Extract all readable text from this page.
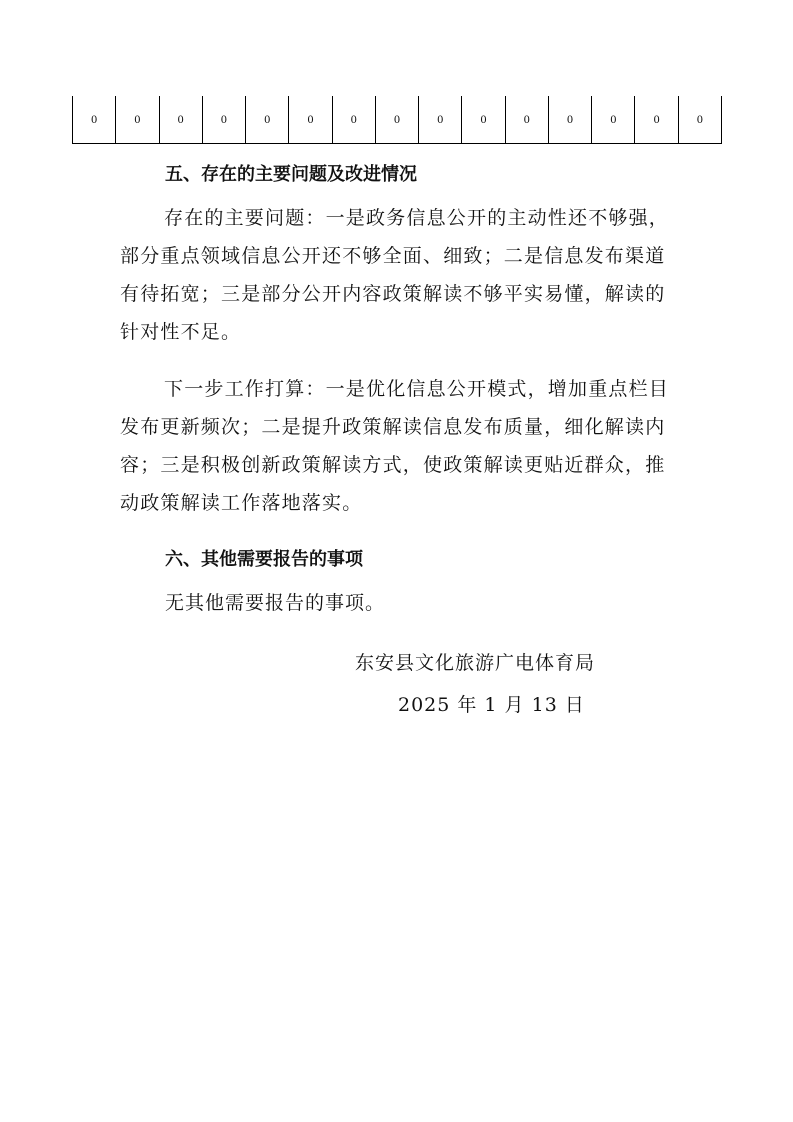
0	0	0	0	0	0	0	0	0	0	0	0	0	0	0
五、存在的主要问题及改进情况

存在的主要问题：一是政务信息公开的主动性还不够强，部分重点领域信息公开还不够全面、细致；二是信息发布渠道有待拓宽；三是部分公开内容政策解读不够平实易懂，解读的针对性不足。

下一步工作打算：一是优化信息公开模式，增加重点栏目发布更新频次；二是提升政策解读信息发布质量，细化解读内容；三是积极创新政策解读方式，使政策解读更贴近群众，推动政策解读工作落地落实。

六、其他需要报告的事项
无其他需要报告的事项。
东安县文化旅游广电体育局
2025 年 1 月 13 日
